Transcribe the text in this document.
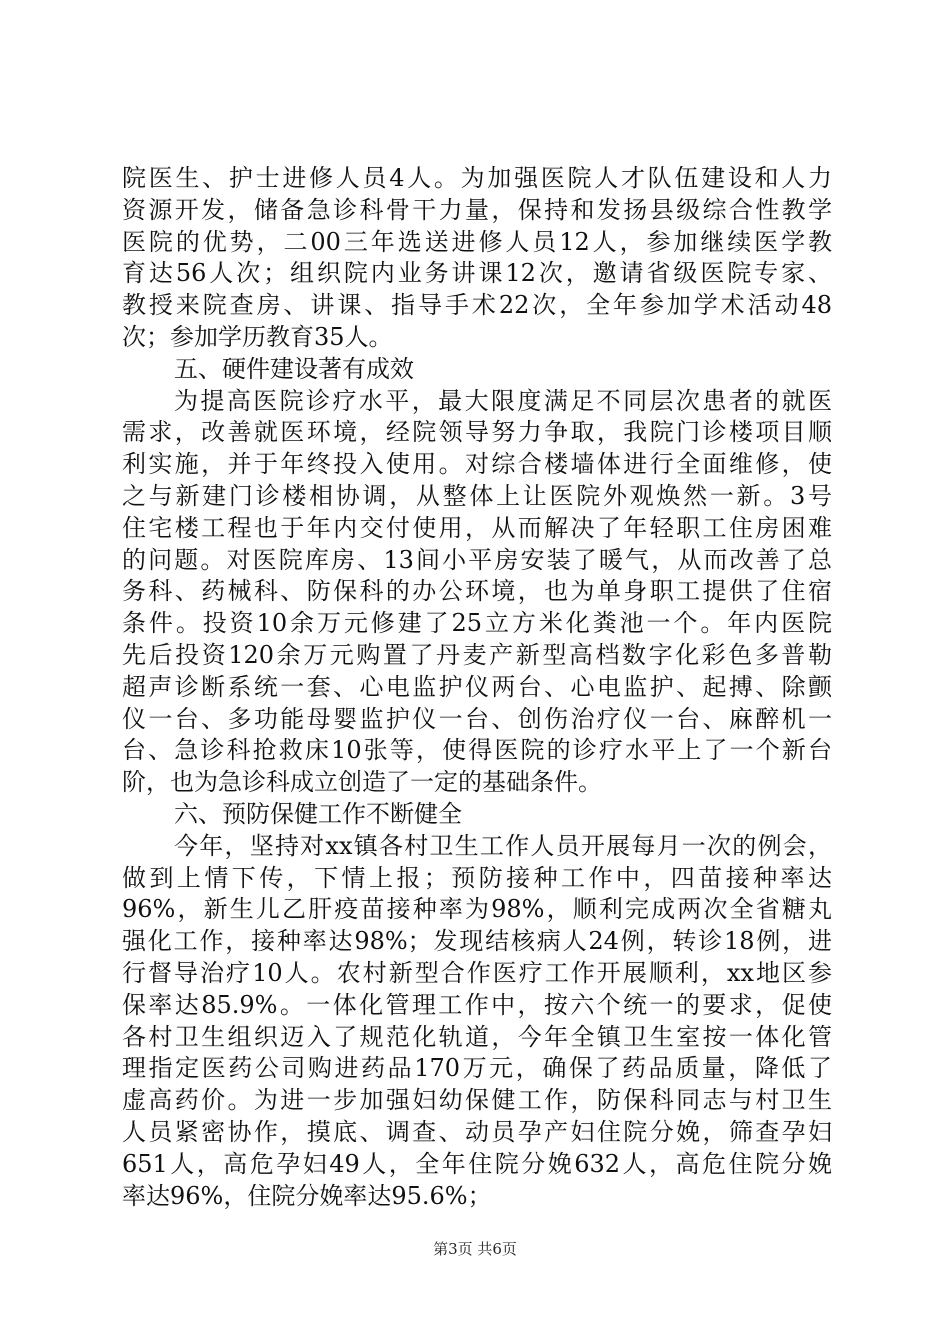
院医生、护士进修人员4人。为加强医院人才队伍建设和人力
资源开发，储备急诊科骨干力量，保持和发扬县级综合性教学
医院的优势，二00三年选送进修人员12人，参加继续医学教
育达56人次；组织院内业务讲课12次，邀请省级医院专家、
教授来院查房、讲课、指导手术22次，全年参加学术活动48
次；参加学历教育35人。
五、硬件建设著有成效
为提高医院诊疗水平，最大限度满足不同层次患者的就医
需求，改善就医环境，经院领导努力争取，我院门诊楼项目顺
利实施，并于年终投入使用。对综合楼墙体进行全面维修，使
之与新建门诊楼相协调，从整体上让医院外观焕然一新。3号
住宅楼工程也于年内交付使用，从而解决了年轻职工住房困难
的问题。对医院库房、13间小平房安装了暖气，从而改善了总
务科、药械科、防保科的办公环境，也为单身职工提供了住宿
条件。投资10余万元修建了25立方米化粪池一个。年内医院
先后投资120余万元购置了丹麦产新型高档数字化彩色多普勒
超声诊断系统一套、心电监护仪两台、心电监护、起搏、除颤
仪一台、多功能母婴监护仪一台、创伤治疗仪一台、麻醉机一
台、急诊科抢救床10张等，使得医院的诊疗水平上了一个新台
阶，也为急诊科成立创造了一定的基础条件。
六、预防保健工作不断健全
今年，坚持对xx镇各村卫生工作人员开展每月一次的例会，
做到上情下传，下情上报；预防接种工作中，四苗接种率达
96%，新生儿乙肝疫苗接种率为98%，顺利完成两次全省糖丸
强化工作，接种率达98%；发现结核病人24例，转诊18例，进
行督导治疗10人。农村新型合作医疗工作开展顺利，xx地区参
保率达85.9%。一体化管理工作中，按六个统一的要求，促使
各村卫生组织迈入了规范化轨道，今年全镇卫生室按一体化管
理指定医药公司购进药品170万元，确保了药品质量，降低了
虚高药价。为进一步加强妇幼保健工作，防保科同志与村卫生
人员紧密协作，摸底、调查、动员孕产妇住院分娩，筛查孕妇
651人，高危孕妇49人，全年住院分娩632人，高危住院分娩
率达96%，住院分娩率达95.6%；
第3页 共6页
